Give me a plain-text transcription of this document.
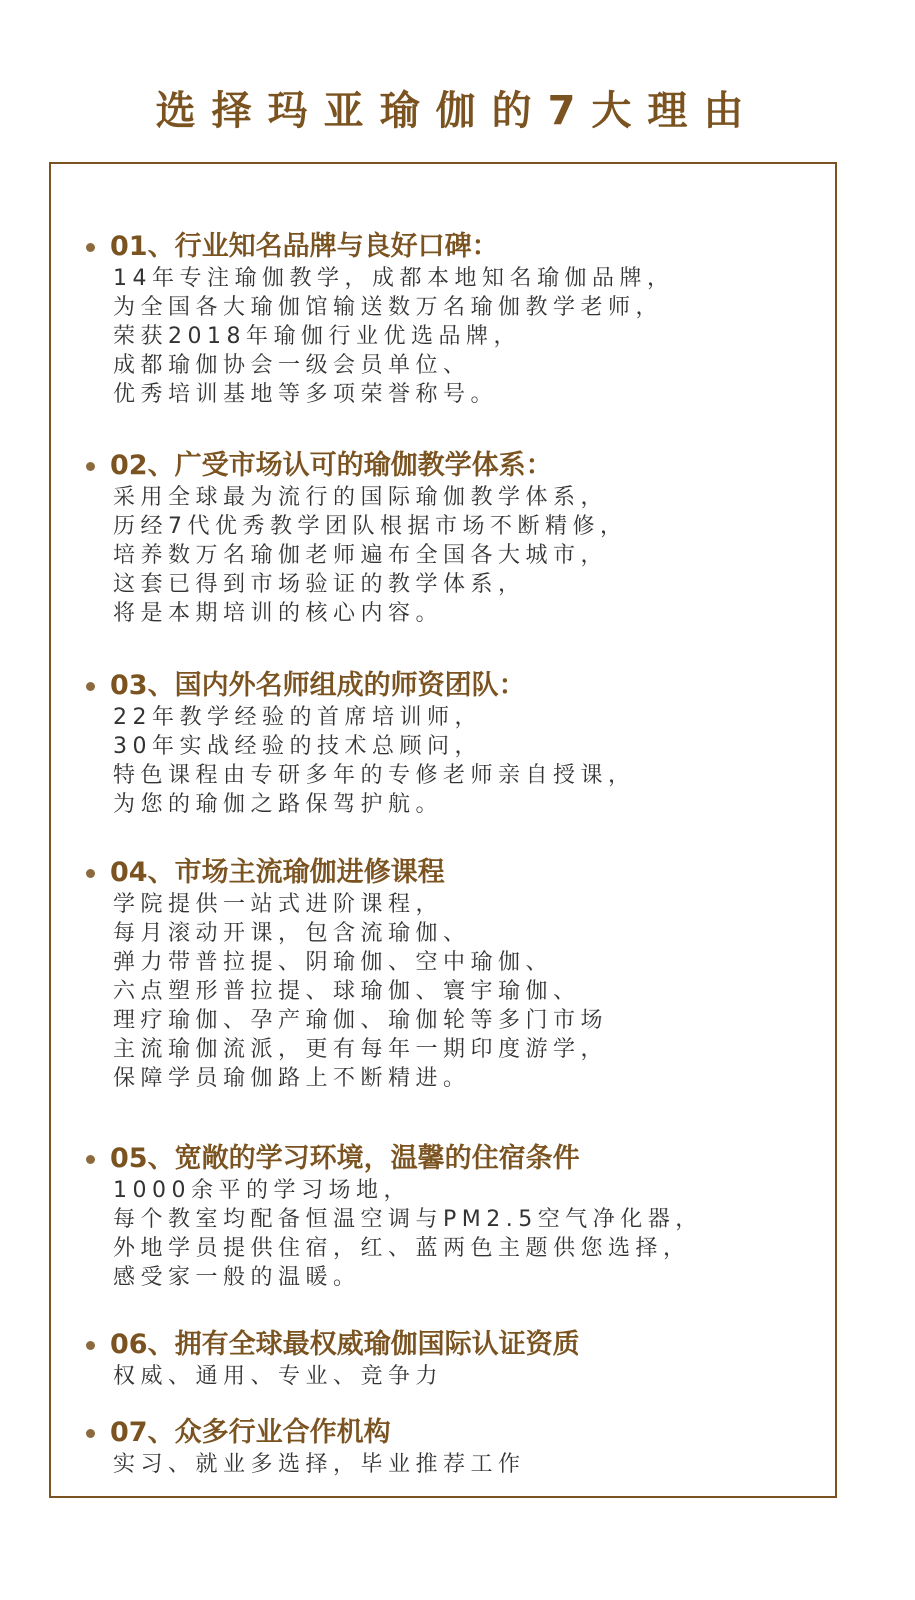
选择玛亚瑜伽的7大理由
01、行业知名品牌与良好口碑：
14年专注瑜伽教学，成都本地知名瑜伽品牌，
为全国各大瑜伽馆输送数万名瑜伽教学老师，
荣获2018年瑜伽行业优选品牌，
成都瑜伽协会一级会员单位、
优秀培训基地等多项荣誉称号。
02、广受市场认可的瑜伽教学体系：
采用全球最为流行的国际瑜伽教学体系，
历经7代优秀教学团队根据市场不断精修，
培养数万名瑜伽老师遍布全国各大城市，
这套已得到市场验证的教学体系，
将是本期培训的核心内容。
03、国内外名师组成的师资团队：
22年教学经验的首席培训师，
30年实战经验的技术总顾问，
特色课程由专研多年的专修老师亲自授课，
为您的瑜伽之路保驾护航。
04、市场主流瑜伽进修课程
学院提供一站式进阶课程，
每月滚动开课，包含流瑜伽、
弹力带普拉提、阴瑜伽、空中瑜伽、
六点塑形普拉提、球瑜伽、寰宇瑜伽、
理疗瑜伽、孕产瑜伽、瑜伽轮等多门市场
主流瑜伽流派，更有每年一期印度游学，
保障学员瑜伽路上不断精进。
05、宽敞的学习环境，温馨的住宿条件
1000余平的学习场地，
每个教室均配备恒温空调与PM2.5空气净化器，
外地学员提供住宿，红、蓝两色主题供您选择，
感受家一般的温暖。
06、拥有全球最权威瑜伽国际认证资质
权威、通用、专业、竞争力
07、众多行业合作机构
实习、就业多选择，毕业推荐工作
